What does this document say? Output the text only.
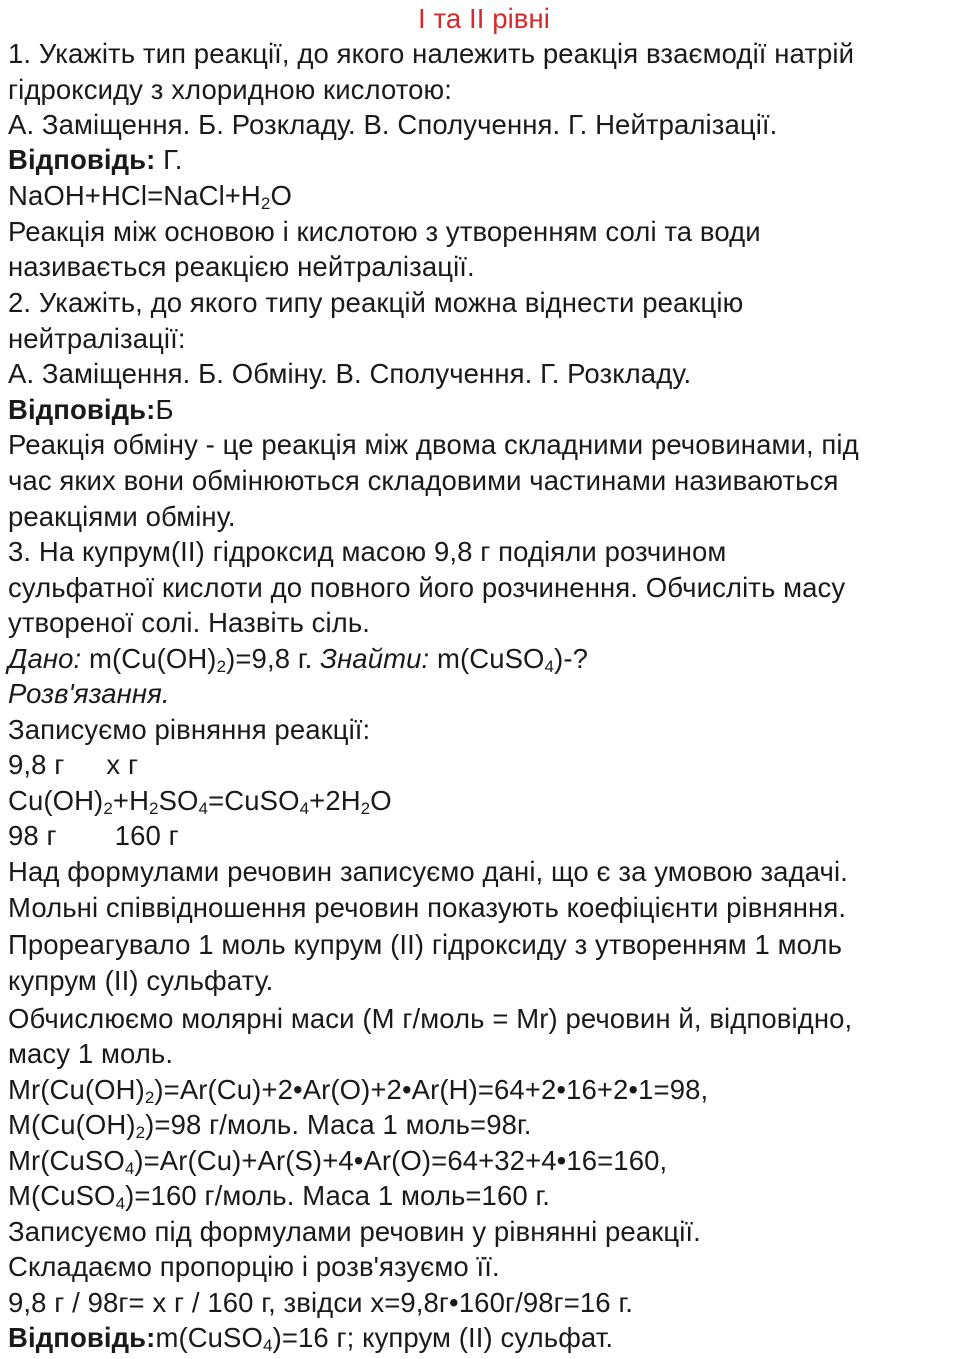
І та ІІ рівні
1. Укажіть тип реакції, до якого належить реакція взаємодії натрій
гідроксиду з хлоридною кислотою:
А. Заміщення. Б. Розкладу. В. Сполучення. Г. Нейтралізації.
Відповідь: Г.
$NaOH+HCl=NaCl+H_2O$
Реакція між основою і кислотою з утворенням солі та води
називається реакцією нейтралізації.
2. Укажіть, до якого типу реакцій можна віднести реакцію
нейтралізації:
А. Заміщення. Б. Обміну. В. Сполучення. Г. Розкладу.
Відповідь:Б
Реакція обміну - це реакція між двома складними речовинами, під
час яких вони обмінюються складовими частинами називаються
реакціями обміну.
3. На купрум(ІІ) гідроксид масою 9,8 г подіяли розчином
сульфатної кислоти до повного його розчинення. Обчисліть масу
утвореної солі. Назвіть сіль.
Дано: $m(Cu(OH)_2)=9,8$ г. Знайти: m(CuSO$_4$)-?
Розв'язання.
Записуємо рівняння реакції:
9,8 г х г
$Cu(OH)_2+H_2SO_4=CuSO_4+2H_2O$
98 г 160 г
Над формулами речовин записуємо дані, що є за умовою задачі.
Мольні співвідношення речовин показують коефіцієнти рівняння.
Прореагувало 1 моль купрум (ІІ) гідроксиду з утворенням 1 моль
купрум (ІІ) сульфату.
Обчислюємо молярні маси (M г/моль = Mr) речовин й, відповідно,
масу 1 моль.
$Mr(Cu(OH)_2)=Ar(Cu)+2•Ar(O)+2•Ar(H)=64+2•16+2•1=98$,
$M(Cu(OH)_2)=98$ г/моль. Маса 1 моль=98г.
Mr(CuSO$_4$)=Ar(Cu)+Ar(S)+4•Ar(O)=64+32+4•16=160,
M(CuSO$_4$)=160 г/моль. Маса 1 моль=160 г.
Записуємо під формулами речовин у рівнянні реакції.
Складаємо пропорцію і розв'язуємо її.
9,8 г / 98г= х г / 160 г, звідси х=9,8г•160г/98г=16 г.
Відповідь:m(CuSO$_4$)=16 г; купрум (ІІ) сульфат.
